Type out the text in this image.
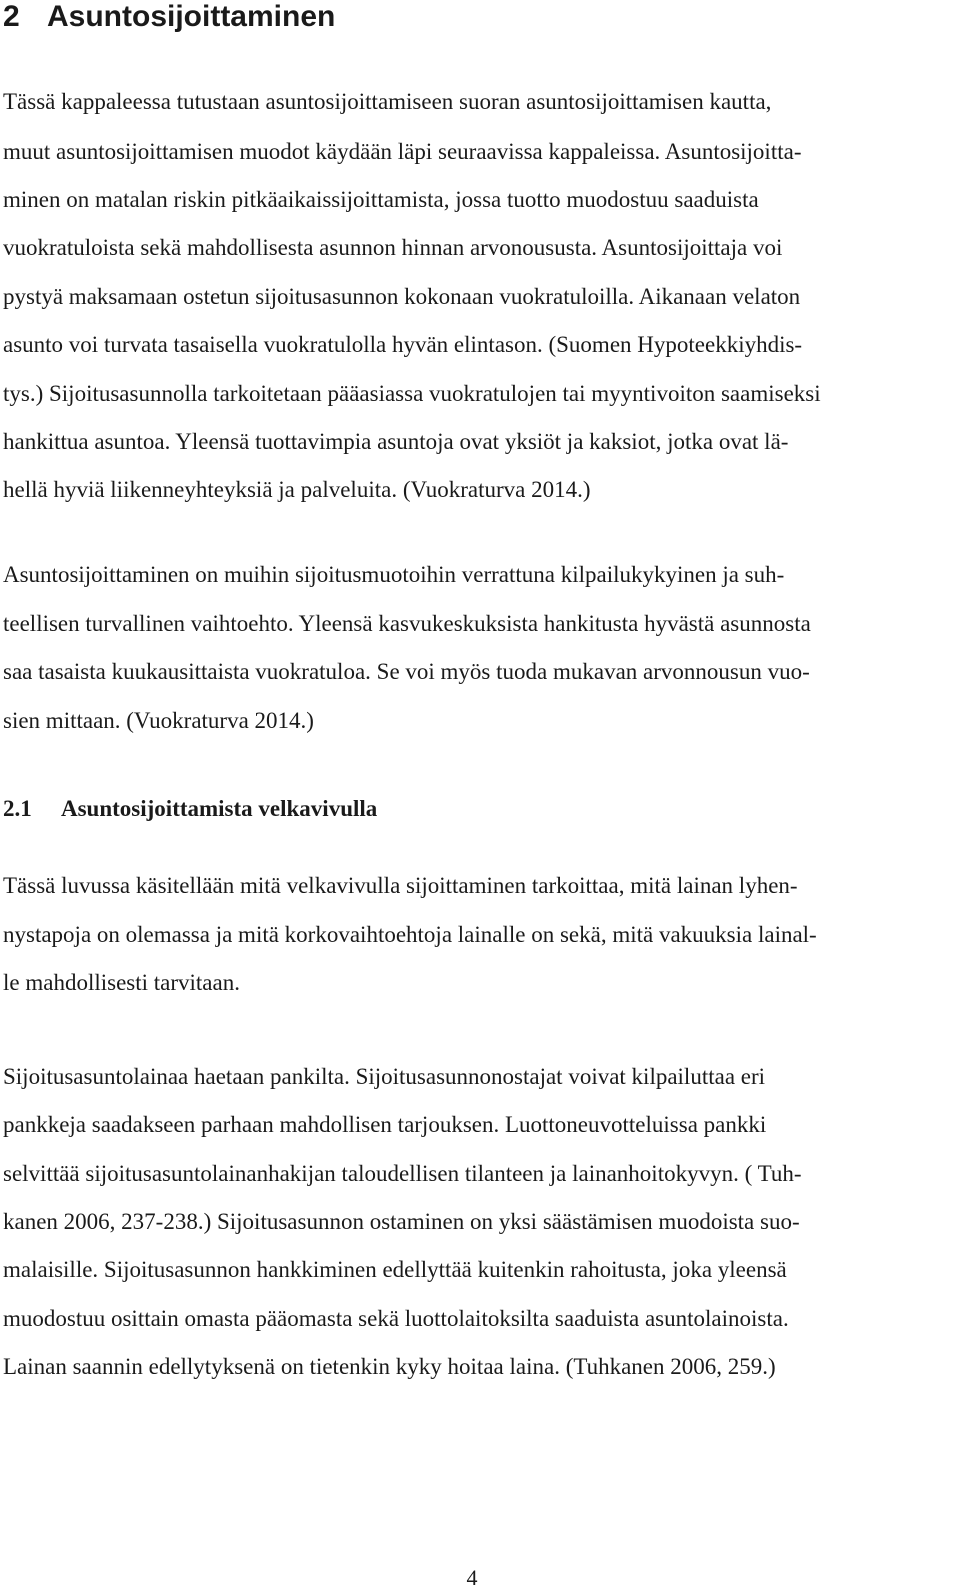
2 Asuntosijoittaminen

Tässä kappaleessa tutustaan asuntosijoittamiseen suoran asuntosijoittamisen kautta,

muut asuntosijoittamisen muodot käydään läpi seuraavissa kappaleissa. Asuntosijoitta-

minen on matalan riskin pitkäaikaissijoittamista, jossa tuotto muodostuu saaduista

vuokratuloista sekä mahdollisesta asunnon hinnan arvonoususta. Asuntosijoittaja voi

pystyä maksamaan ostetun sijoitusasunnon kokonaan vuokratuloilla. Aikanaan velaton

asunto voi turvata tasaisella vuokratulolla hyvän elintason. (Suomen Hypoteekkiyhdis-

tys.) Sijoitusasunnolla tarkoitetaan pääasiassa vuokratulojen tai myyntivoiton saamiseksi

hankittua asuntoa. Yleensä tuottavimpia asuntoja ovat yksiöt ja kaksiot, jotka ovat lä-

hellä hyviä liikenneyhteyksiä ja palveluita. (Vuokraturva 2014.)

Asuntosijoittaminen on muihin sijoitusmuotoihin verrattuna kilpailukykyinen ja suh-

teellisen turvallinen vaihtoehto. Yleensä kasvukeskuksista hankitusta hyvästä asunnosta

saa tasaista kuukausittaista vuokratuloa. Se voi myös tuoda mukavan arvonnousun vuo-

sien mittaan. (Vuokraturva 2014.)

2.1 Asuntosijoittamista velkavivulla

Tässä luvussa käsitellään mitä velkavivulla sijoittaminen tarkoittaa, mitä lainan lyhen-

nystapoja on olemassa ja mitä korkovaihtoehtoja lainalle on sekä, mitä vakuuksia lainal-

le mahdollisesti tarvitaan.

Sijoitusasuntolainaa haetaan pankilta. Sijoitusasunnonostajat voivat kilpailuttaa eri

pankkeja saadakseen parhaan mahdollisen tarjouksen. Luottoneuvotteluissa pankki

selvittää sijoitusasuntolainanhakijan taloudellisen tilanteen ja lainanhoitokyvyn. ( Tuh-

kanen 2006, 237-238.) Sijoitusasunnon ostaminen on yksi säästämisen muodoista suo-

malaisille. Sijoitusasunnon hankkiminen edellyttää kuitenkin rahoitusta, joka yleensä

muodostuu osittain omasta pääomasta sekä luottolaitoksilta saaduista asuntolainoista.

Lainan saannin edellytyksenä on tietenkin kyky hoitaa laina. (Tuhkanen 2006, 259.)

4
